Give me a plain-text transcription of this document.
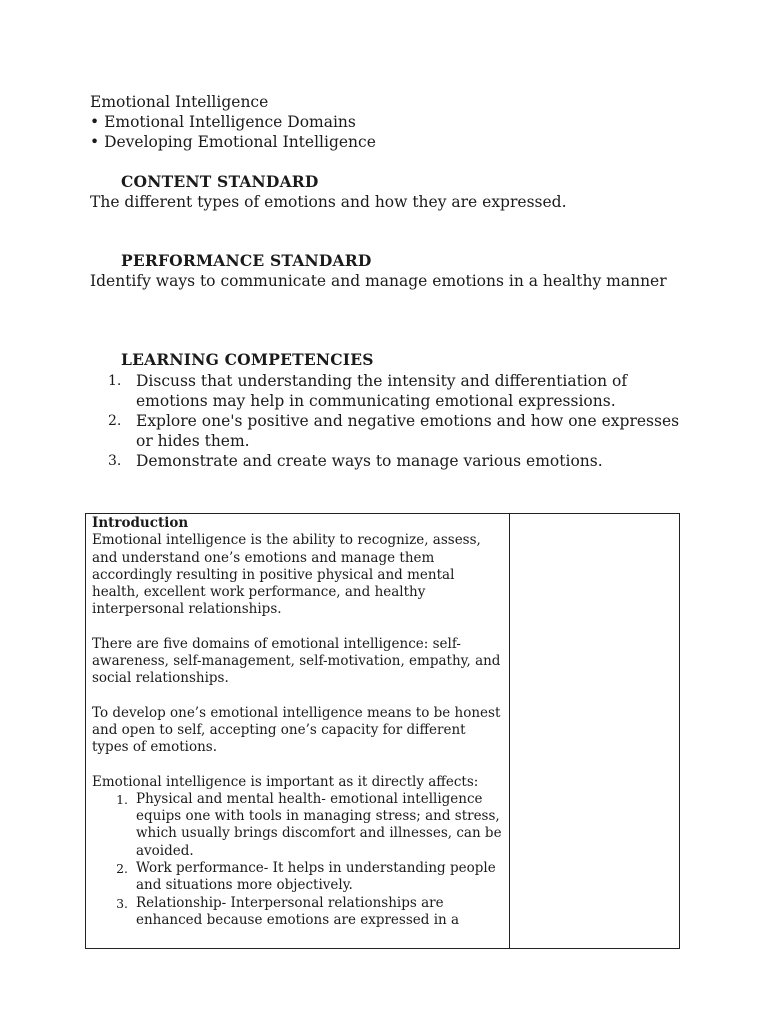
Emotional Intelligence
• Emotional Intelligence Domains
• Developing Emotional Intelligence
CONTENT STANDARD
The different types of emotions and how they are expressed.
PERFORMANCE STANDARD
Identify ways to communicate and manage emotions in a healthy manner
LEARNING COMPETENCIES
1. Discuss that understanding the intensity and differentiation of emotions may help in communicating emotional expressions.
2. Explore one's positive and negative emotions and how one expresses or hides them.
3. Demonstrate and create ways to manage various emotions.
Introduction

Emotional intelligence is the ability to recognize, assess, and understand one’s emotions and manage them accordingly resulting in positive physical and mental health, excellent work performance, and healthy interpersonal relationships.

There are five domains of emotional intelligence: self-awareness, self-management, self-motivation, empathy, and social relationships.

To develop one’s emotional intelligence means to be honest and open to self, accepting one’s capacity for different types of emotions.

Emotional intelligence is important as it directly affects:

1. Physical and mental health- emotional intelligence equips one with tools in managing stress; and stress, which usually brings discomfort and illnesses, can be avoided.
2. Work performance- It helps in understanding people and situations more objectively.
3. Relationship- Interpersonal relationships are enhanced because emotions are expressed in a
